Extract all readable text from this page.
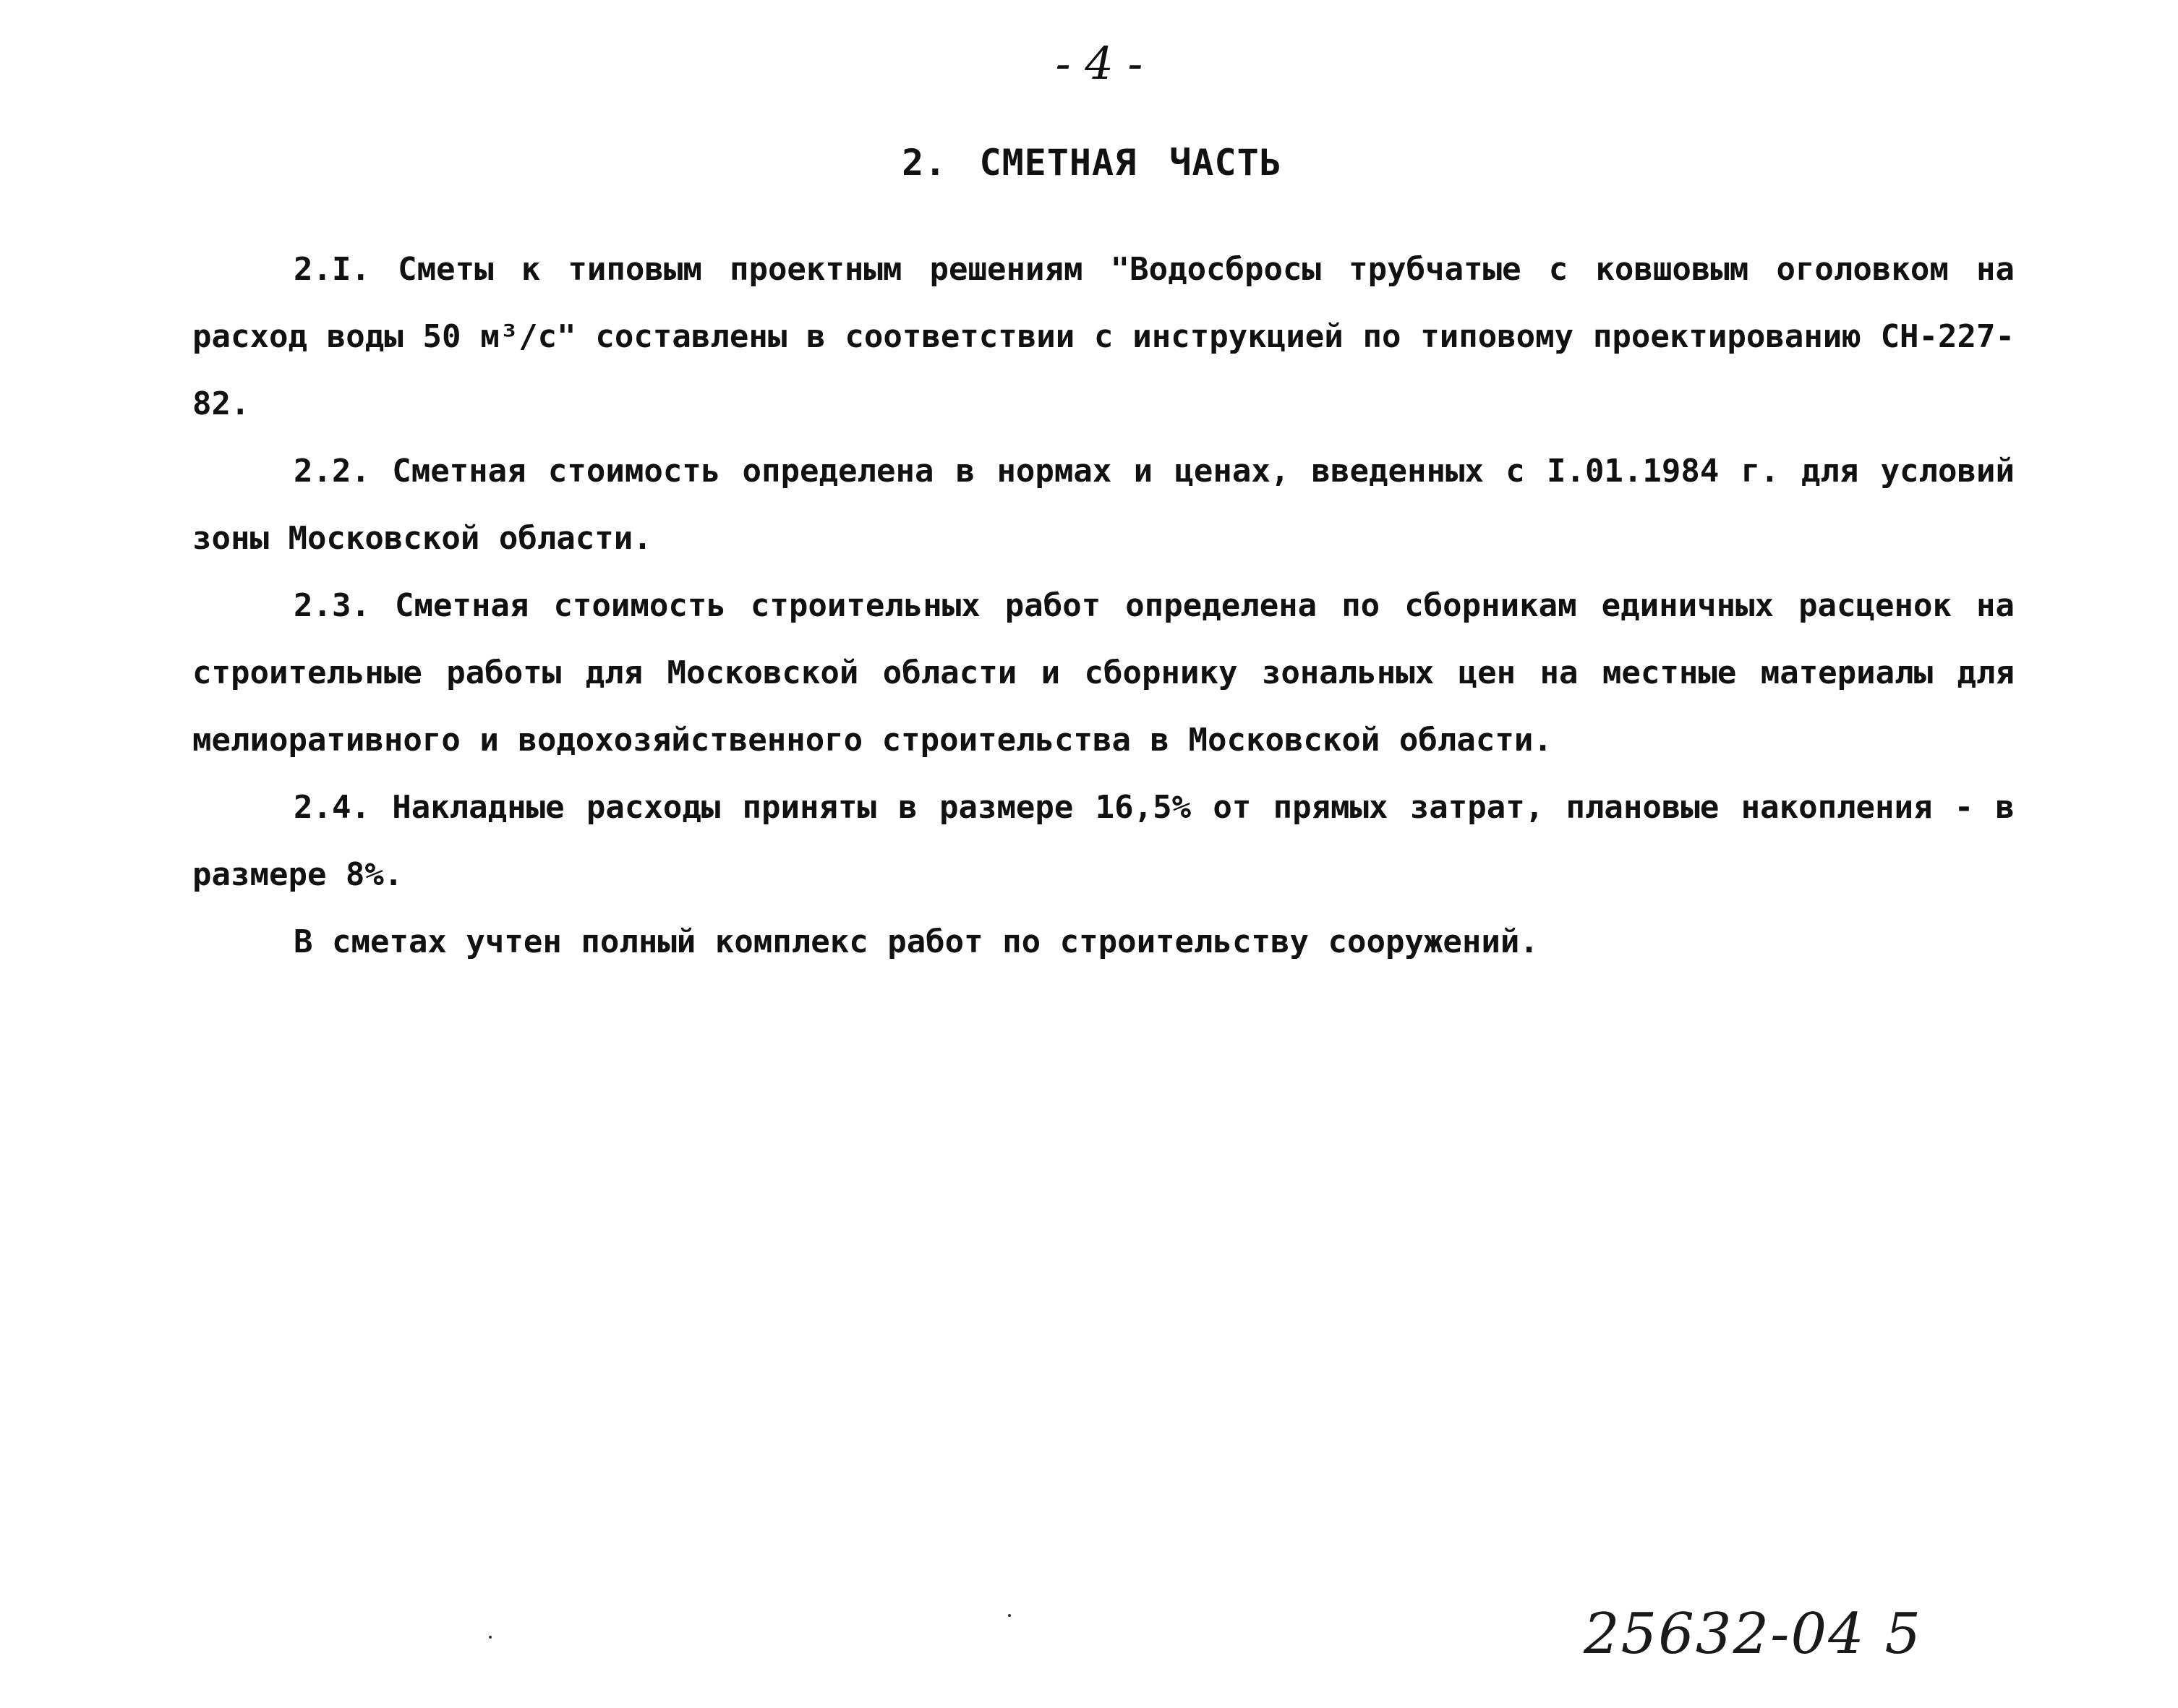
- 4 -
2. СМЕТНАЯ ЧАСТЬ

2.I. Сметы к типовым проектным решениям "Водосбросы трубчатые с ковшовым оголовком на расход воды 50 м³/с" составлены в соответствии с инструкцией по типовому проектированию СН-227-82.

2.2. Сметная стоимость определена в нормах и ценах, введенных с I.01.1984 г. для условий зоны Московской области.

2.3. Сметная стоимость строительных работ определена по сборникам единичных расценок на строительные работы для Московской области и сборнику зональных цен на местные материалы для мелиоративного и водохозяйственного строительства в Московской области.

2.4. Накладные расходы приняты в размере 16,5% от прямых затрат, плановые накопления - в размере 8%.

В сметах учтен полный комплекс работ по строительству сооружений.

25632-04 5
